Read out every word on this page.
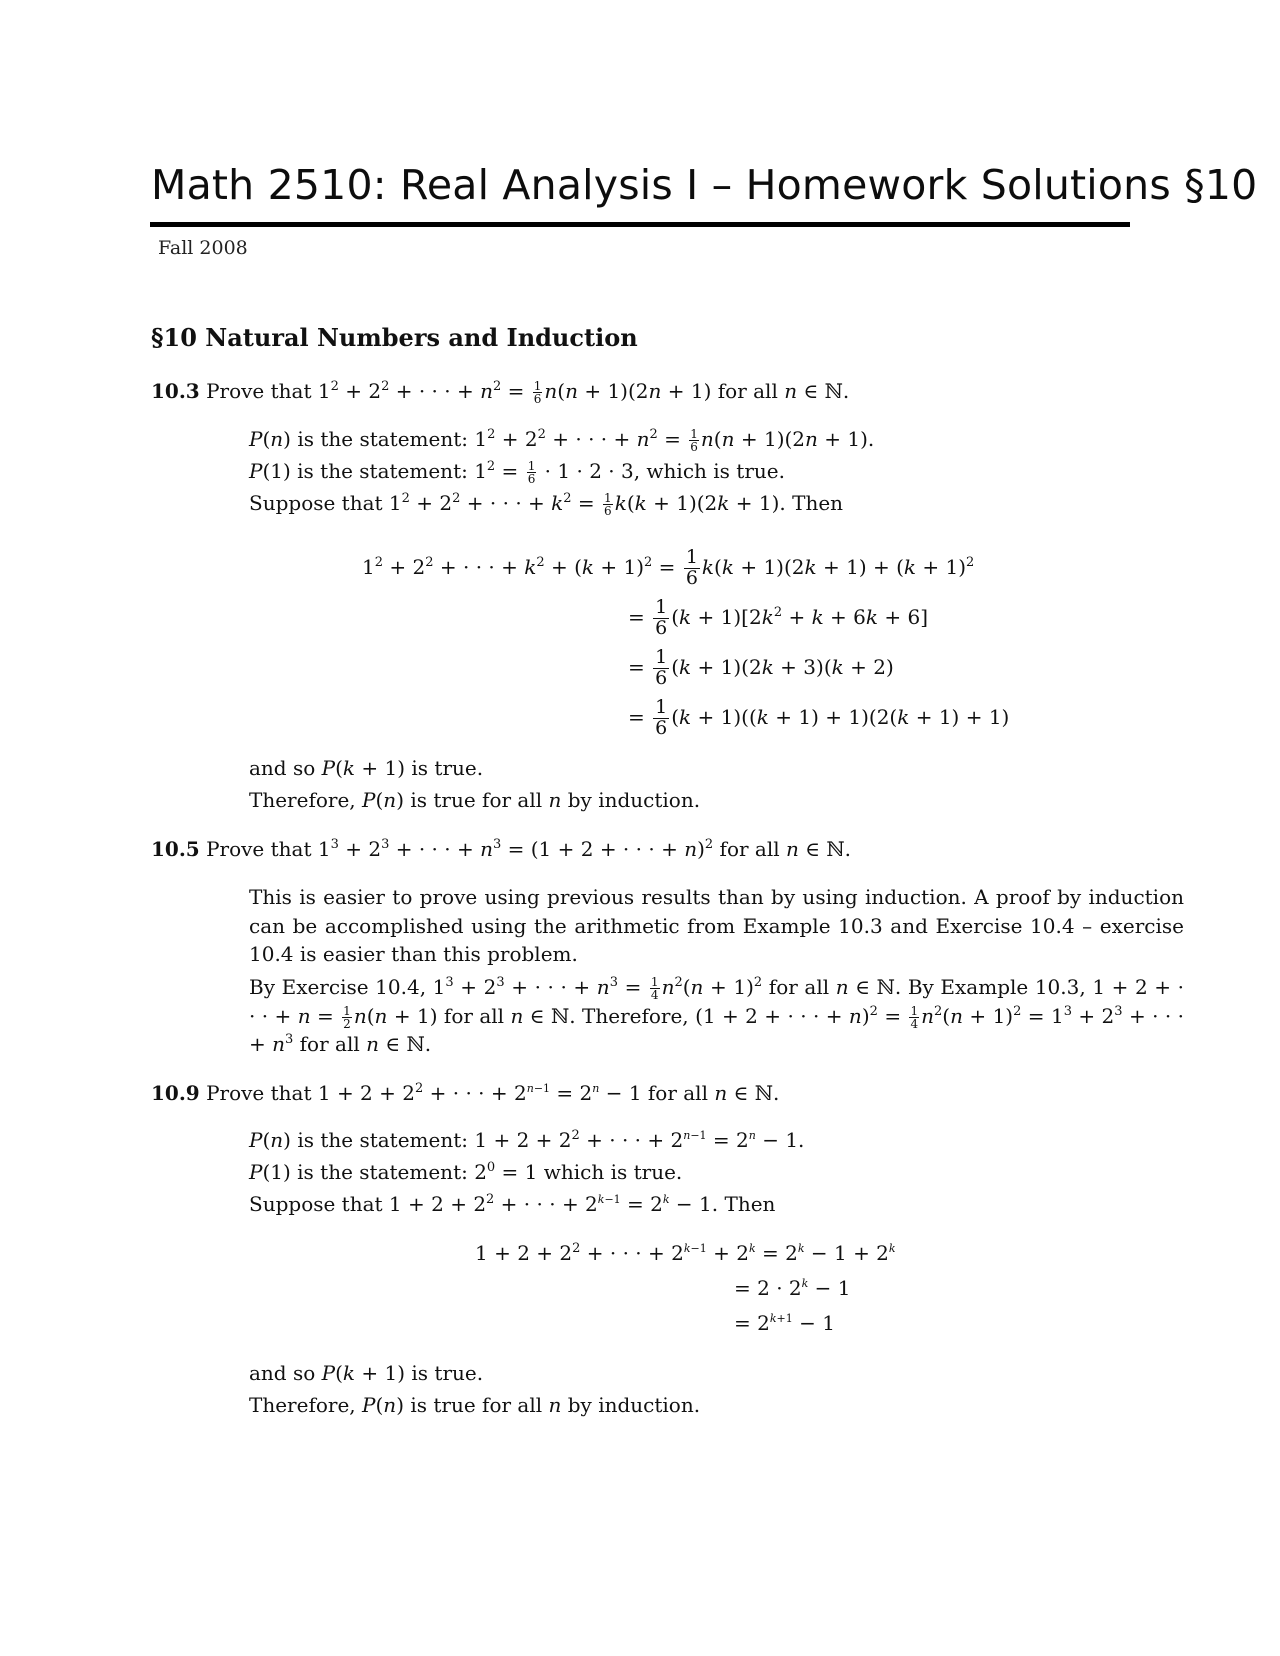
Math 2510: Real Analysis I – Homework Solutions §10
Fall 2008
§10 Natural Numbers and Induction
10.3 Prove that $1^2 + 2^2$ + · · · + $n^2 = \frac{1}{6} n(n + 1)(2n + 1)$ for all n ∈ ℕ.
P(n) is the statement: $1^2 + 2^2$ + · · · + $n^2 = \frac{1}{6} n(n + 1)(2n + 1)$.
P(1) is the statement: $1^2 = \frac{1}{6} \cdot 1 \cdot 2 \cdot 3$, which is true.
Suppose that $1^2 + 2^2$ + · · · + $k^2 = \frac{1}{6} k(k + 1)(2k + 1)$. Then
$1^2 + 2^2$ + · · · + $k^2 + (k + 1)^2 = \frac{1}{6} k(k + 1)(2k + 1) + (k + 1)^2$
= $\frac{1}{6} (k + 1)[2k^2 + k + 6k + 6]$
= $\frac{1}{6} (k + 1)(2k + 3)(k + 2)$
= $\frac{1}{6} (k + 1)((k + 1) + 1)(2(k + 1) + 1)$
and so P(k + 1) is true.
Therefore, P(n) is true for all n by induction.
10.5 Prove that $1^3 + 2^3$ + · · · + $n^3 = (1 + 2$ + · · · + n)$^2$ for all n ∈ ℕ.
This is easier to prove using previous results than by using induction. A proof by induction can be accomplished using the arithmetic from Example 10.3 and Exercise 10.4 – exercise 10.4 is easier than this problem.
By Exercise 10.4, $1^3 + 2^3$ + · · · + $n^3 = \frac{1}{4} n^2(n + 1)^2$ for all n ∈ ℕ. By Example 10.3, 1 + 2 + · · · + $n = \frac{1}{2} n(n + 1)$ for all n ∈ ℕ. Therefore, (1 + 2 + · · · + $n)^2 = \frac{1}{4} n^2(n + 1)^2 = 1^3 + 2^3$ + · · · + $n^3$ for all n ∈ ℕ.
10.9 Prove that $1 + 2 + 2^2$ + · · · + $2^{n-1} = 2^n - 1$ for all n ∈ ℕ.
P(n) is the statement: $1 + 2 + 2^2$ + · · · + $2^{n-1} = 2^n - 1$.
P(1) is the statement: $2^0 = 1$ which is true.
Suppose that $1 + 2 + 2^2$ + · · · + $2^{k-1} = 2^k - 1$. Then
$1 + 2 + 2^2$ + · · · + $2^{k-1} + 2^k = 2^k - 1 + 2^k$
= $2 \cdot 2^k - 1$
= $2^{k+1} - 1$
and so P(k + 1) is true.
Therefore, P(n) is true for all n by induction.
